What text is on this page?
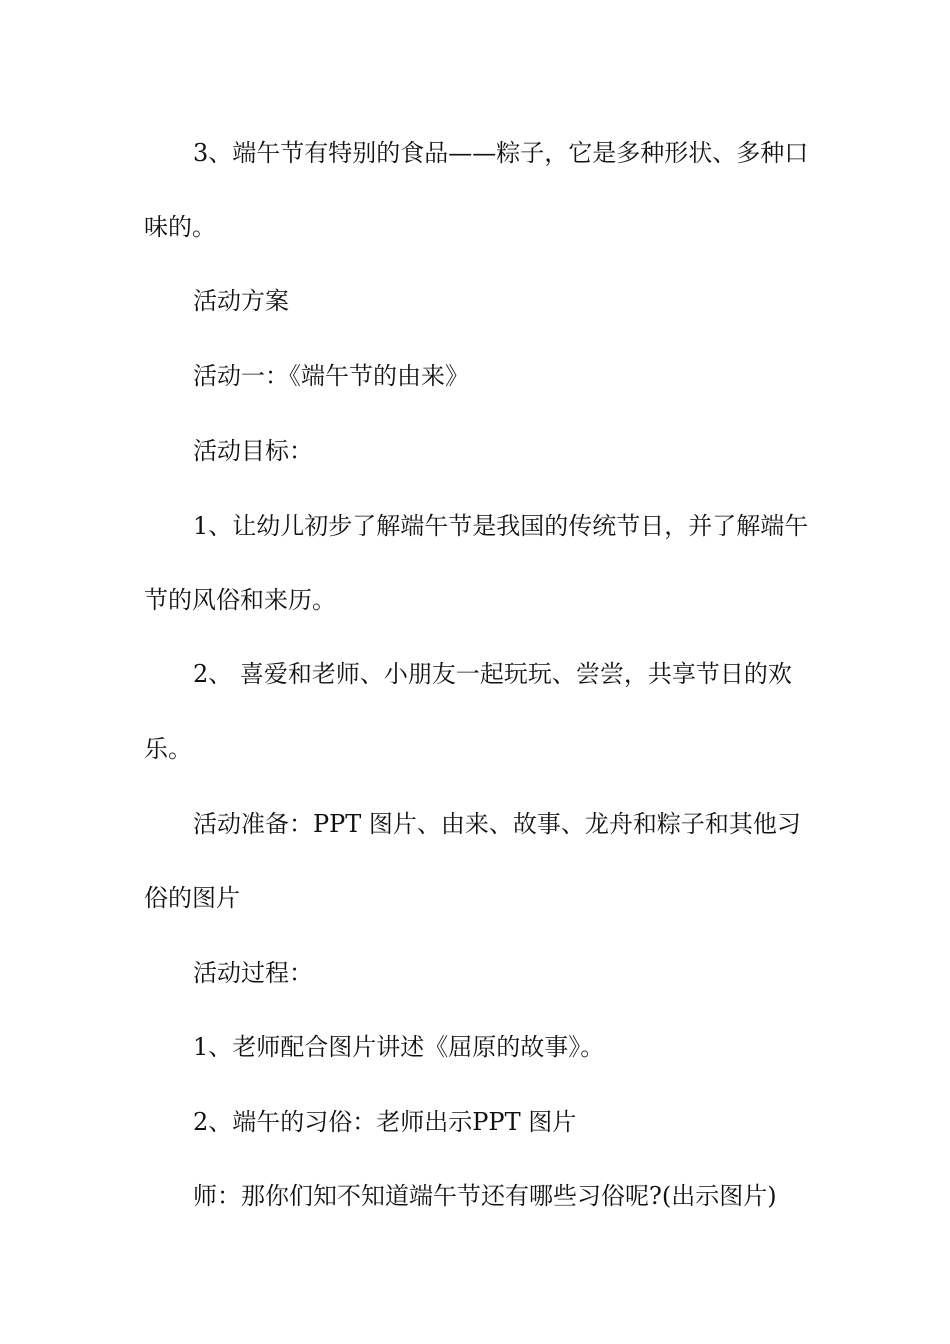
3、端午节有特别的食品——粽子，它是多种形状、多种口

味的。

活动方案

活动一：《端午节的由来》

活动目标：

1、让幼儿初步了解端午节是我国的传统节日，并了解端午

节的风俗和来历。

2、 喜爱和老师、小朋友一起玩玩、尝尝，共享节日的欢

乐。

活动准备：PPT 图片、由来、故事、龙舟和粽子和其他习

俗的图片

活动过程：

1、老师配合图片讲述《屈原的故事》。

2、端午的习俗：老师出示PPT 图片

师：那你们知不知道端午节还有哪些习俗呢?(出示图片)
